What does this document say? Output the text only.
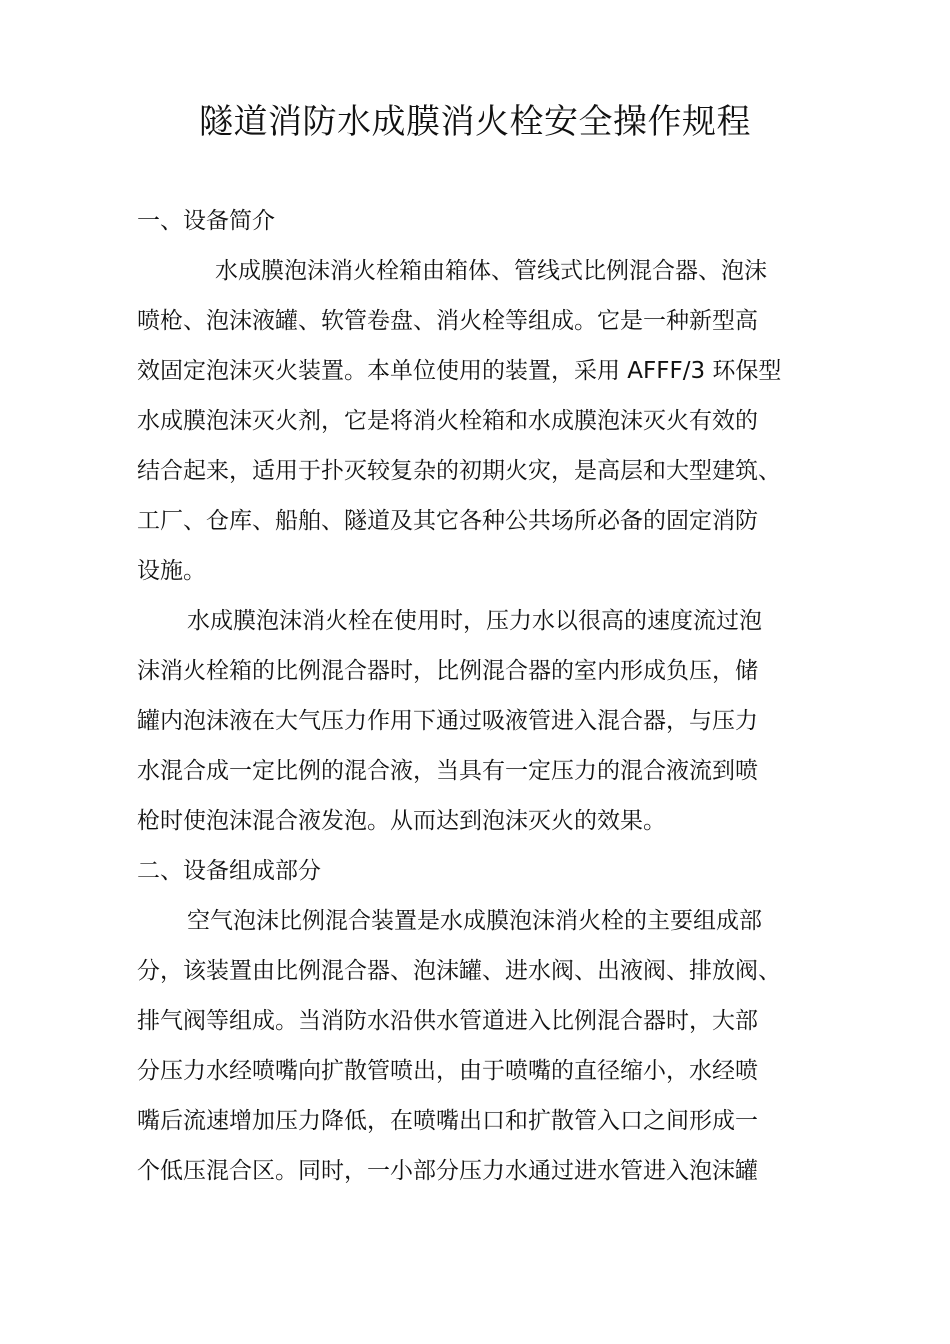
隧道消防水成膜消火栓安全操作规程
一、设备简介
水成膜泡沫消火栓箱由箱体、管线式比例混合器、泡沫
喷枪、泡沫液罐、软管卷盘、消火栓等组成。它是一种新型高
效固定泡沫灭火装置。本单位使用的装置，采用 AFFF/3 环保型
水成膜泡沫灭火剂，它是将消火栓箱和水成膜泡沫灭火有效的
结合起来，适用于扑灭较复杂的初期火灾，是高层和大型建筑、
工厂、仓库、船舶、隧道及其它各种公共场所必备的固定消防
设施。
水成膜泡沫消火栓在使用时，压力水以很高的速度流过泡
沫消火栓箱的比例混合器时，比例混合器的室内形成负压，储
罐内泡沫液在大气压力作用下通过吸液管进入混合器，与压力
水混合成一定比例的混合液，当具有一定压力的混合液流到喷
枪时使泡沫混合液发泡。从而达到泡沫灭火的效果。
二、设备组成部分
空气泡沫比例混合装置是水成膜泡沫消火栓的主要组成部
分，该装置由比例混合器、泡沫罐、进水阀、出液阀、排放阀、
排气阀等组成。当消防水沿供水管道进入比例混合器时，大部
分压力水经喷嘴向扩散管喷出，由于喷嘴的直径缩小，水经喷
嘴后流速增加压力降低，在喷嘴出口和扩散管入口之间形成一
个低压混合区。同时，一小部分压力水通过进水管进入泡沫罐
